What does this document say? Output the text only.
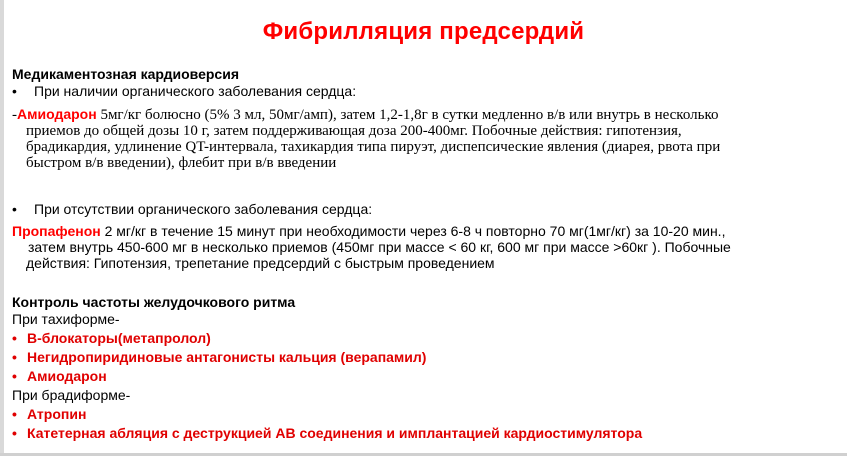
Фибрилляция предсердий
Медикаментозная кардиоверсия
• При наличии органического заболевания сердца:
-Амиодарон 5мг/кг болюсно (5% 3 мл, 50мг/амп), затем 1,2-1,8г в сутки медленно в/в или внутрь в несколько
приемов до общей дозы 10 г, затем поддерживающая доза 200-400мг. Побочные действия: гипотензия,
брадикардия, удлинение QT-интервала, тахикардия типа пируэт, диспепсические явления (диарея, рвота при
быстром в/в введении), флебит при в/в введении
• При отсутствии органического заболевания сердца:
Пропафенон 2 мг/кг в течение 15 минут при необходимости через 6-8 ч повторно 70 мг(1мг/кг) за 10-20 мин.,
затем внутрь 450-600 мг в несколько приемов (450мг при массе < 60 кг, 600 мг при массе >60кг ). Побочные
действия: Гипотензия, трепетание предсердий с быстрым проведением
Контроль частоты желудочкового ритма
При тахиформе-
• В-блокаторы(метапролол)
• Негидропиридиновые антагонисты кальция (верапамил)
• Амиодарон
При брадиформе-
• Атропин
• Катетерная абляция с деструкцией АВ соединения и имплантацией кардиостимулятора
